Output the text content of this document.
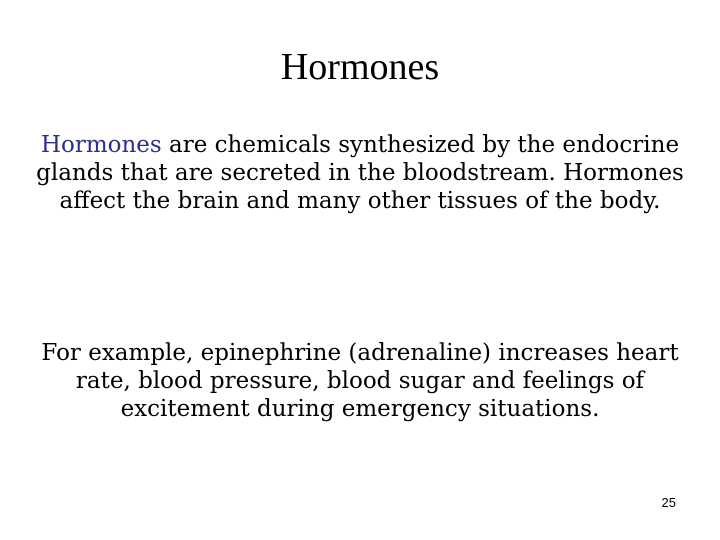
Hormones

Hormones are chemicals synthesized by the endocrine glands that are secreted in the bloodstream. Hormones affect the brain and many other tissues of the body.

For example, epinephrine (adrenaline) increases heart rate, blood pressure, blood sugar and feelings of excitement during emergency situations.

25
